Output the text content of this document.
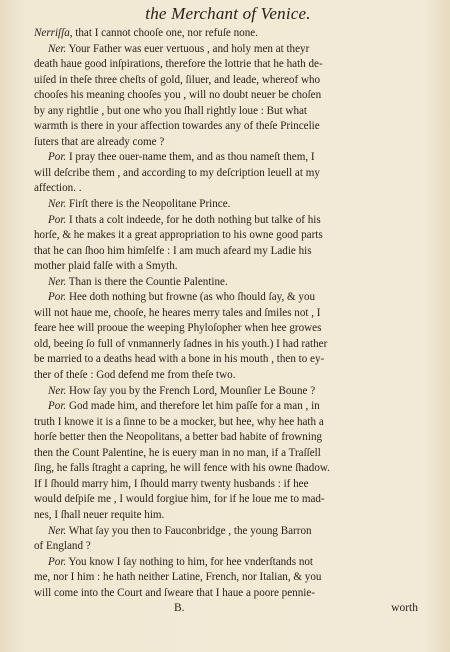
the Merchant of Venice.
Nerriſſa, that I cannot chooſe one, nor refuſe none.
Ner. Your Father was euer vertuous , and holy men at theyr
death haue good inſpirations, therefore the lottrie that he hath de-
uiſed in theſe three cheſts of gold, ſiluer, and leade, whereof who
chooſes his meaning chooſes you , will no doubt neuer be choſen
by any rightlie , but one who you ſhall rightly loue : But what
warmth is there in your affection towardes any of theſe Princelie
ſuters that are already come ?
Por. I pray thee ouer-name them, and as thou nameſt them, I
will deſcribe them , and according to my deſcription leuell at my
affection. .
Ner. Firſt there is the Neopolitane Prince.
Por. I thats a colt indeede, for he doth nothing but talke of his
horſe, & he makes it a great appropriation to his owne good parts
that he can ſhoo him himſelfe : I am much afeard my Ladie his
mother plaid falſe with a Smyth.
Ner. Than is there the Countie Palentine.
Por. Hee doth nothing but frowne (as who ſhould ſay, & you
will not haue me, chooſe, he heares merry tales and ſmiles not , I
feare hee will prooue the weeping Phyloſopher when hee growes
old, beeing ſo full of vnmannerly ſadnes in his youth.) I had rather
be married to a deaths head with a bone in his mouth , then to ey-
ther of theſe : God defend me from theſe two.
Ner. How ſay you by the French Lord, Mounſier Le Boune ?
Por. God made him, and therefore let him paſſe for a man , in
truth I knowe it is a ſinne to be a mocker, but hee, why hee hath a
horſe better then the Neopolitans, a better bad habite of frowning
then the Count Palentine, he is euery man in no man, if a Traſſell
ſing, he falls ſtraght a capring, he will fence with his owne ſhadow.
If I ſhould marry him, I ſhould marry twenty husbands : if hee
would deſpiſe me , I would forgiue him, for if he loue me to mad-
nes, I ſhall neuer requite him.
Ner. What ſay you then to Fauconbridge , the young Barron
of England ?
Por. You know I ſay nothing to him, for hee vnderſtands not
me, nor I him : he hath neither Latine, French, nor Italian, & you
will come into the Court and ſweare that I haue a poore pennie-
B.	worth
